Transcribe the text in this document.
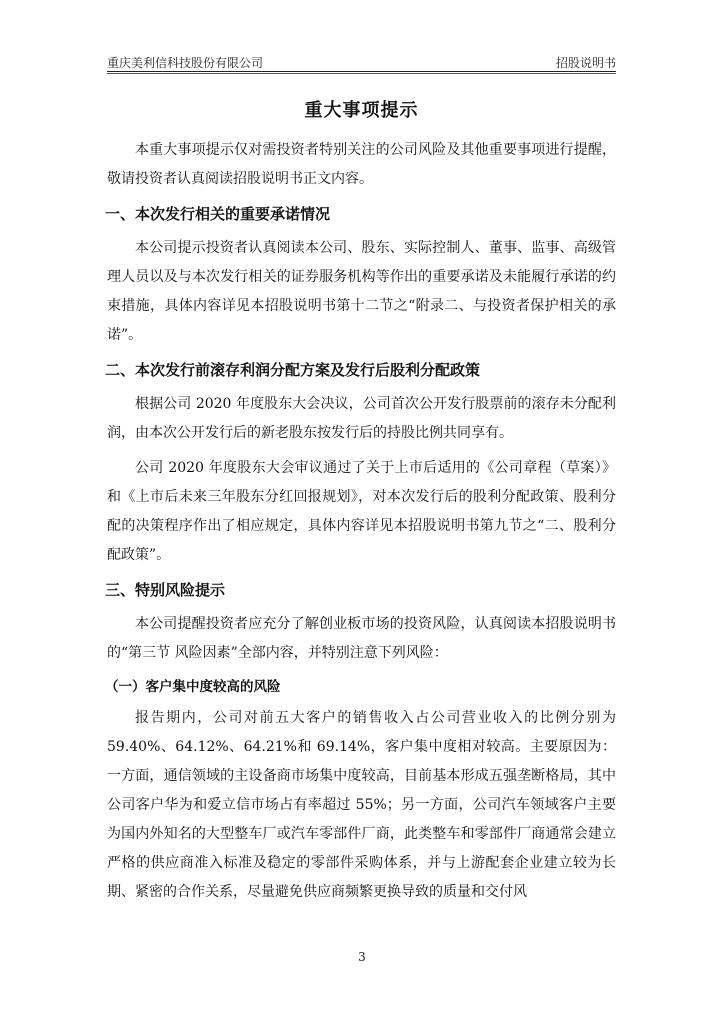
重庆美利信科技股份有限公司	招股说明书
重大事项提示

本重大事项提示仅对需投资者特别关注的公司风险及其他重要事项进行提醒，敬请投资者认真阅读招股说明书正文内容。

一、本次发行相关的重要承诺情况

本公司提示投资者认真阅读本公司、股东、实际控制人、董事、监事、高级管理人员以及与本次发行相关的证券服务机构等作出的重要承诺及未能履行承诺的约束措施，具体内容详见本招股说明书第十二节之“附录二、与投资者保护相关的承诺”。

二、本次发行前滚存利润分配方案及发行后股利分配政策

根据公司 2020 年度股东大会决议，公司首次公开发行股票前的滚存未分配利润，由本次公开发行后的新老股东按发行后的持股比例共同享有。

公司 2020 年度股东大会审议通过了关于上市后适用的《公司章程（草案）》和《上市后未来三年股东分红回报规划》，对本次发行后的股利分配政策、股利分配的决策程序作出了相应规定，具体内容详见本招股说明书第九节之“二、股利分配政策”。

三、特别风险提示

本公司提醒投资者应充分了解创业板市场的投资风险，认真阅读本招股说明书的“第三节 风险因素”全部内容，并特别注意下列风险：

（一）客户集中度较高的风险

报告期内，公司对前五大客户的销售收入占公司营业收入的比例分别为 59.40%、64.12%、64.21%和 69.14%，客户集中度相对较高。主要原因为：一方面，通信领域的主设备商市场集中度较高，目前基本形成五强垄断格局，其中公司客户华为和爱立信市场占有率超过 55%；另一方面，公司汽车领域客户主要为国内外知名的大型整车厂或汽车零部件厂商，此类整车和零部件厂商通常会建立严格的供应商准入标准及稳定的零部件采购体系，并与上游配套企业建立较为长期、紧密的合作关系，尽量避免供应商频繁更换导致的质量和交付风

3
